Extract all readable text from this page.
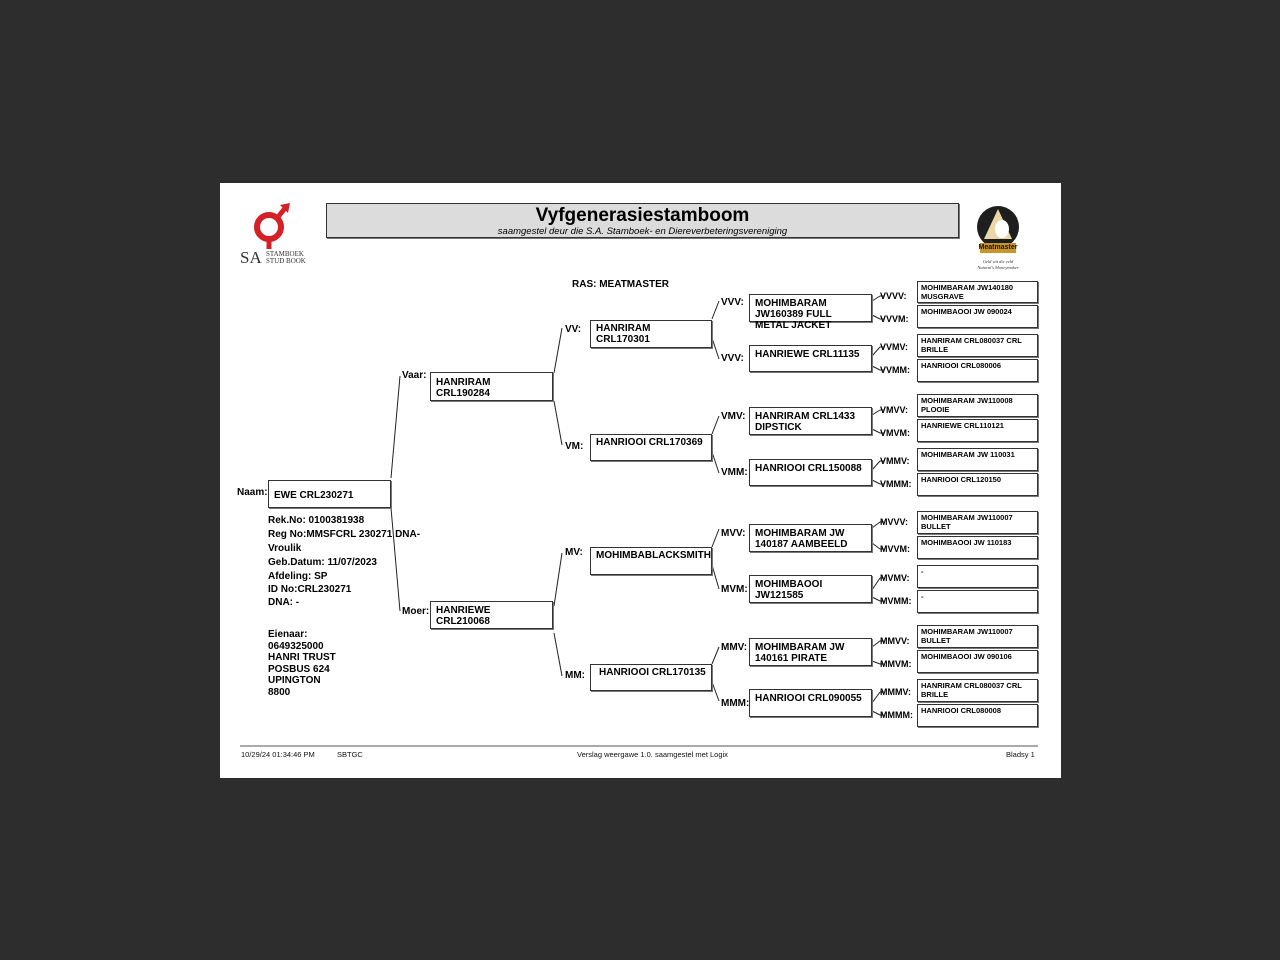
SA STAMBOEK
STUD BOOK
Vyfgenerasiestamboom
saamgestel deur die S.A. Stamboek- en Diereverbeteringsvereniging
Meatmaster
Geld wit die veld
Natural's Moneymaker
RAS: MEATMASTER
Naam: EWE CRL230271
Rek.No: 0100381938
Reg No:MMSFCRL 230271 DNA-
Vroulik
Geb.Datum: 11/07/2023
Afdeling: SP
ID No:CRL230271
DNA: -
Eienaar:
0649325000
HANRI TRUST
POSBUS 624
UPINGTON
8800
Vaar:
HANRIRAM CRL190284
Moer: HANRIEWE CRL210068
VV:	HANRIRAM CRL170301
VM:	HANRIOOI CRL170369
MV:	MOHIMBABLACKSMITH
MM:	HANRIOOI CRL170135
VVV:	MOHIMBARAM JW160389 FULL METAL JACKET
VVV:	HANRIEWE CRL11135
VMV: HANRIRAM CRL1433 DIPSTICK
VMM: HANRIOOI CRL150088
MVV: MOHIMBARAM JW 140187 AAMBEELD
MVM: MOHIMBAOOI JW121585
MMV: MOHIMBARAM JW 140161 PIRATE
MMM: HANRIOOI CRL090055
VVVV:
MOHIMBARAM JW140180 MUSGRAVE
VVVM:
MOHIMBAOOI JW 090024
VVMV:
HANRIRAM CRL080037 CRL BRILLE
VVMM:	HANRIOOI CRL080006
VMVV:
MOHIMBARAM JW110008 PLOOIE
VMVM:
HANRIEWE CRL110121
VMMV:
MOHIMBARAM JW 110031
VMMM:	HANRIOOI CRL120150
MVVV:	MOHIMBARAM JW110007 BULLET
MVVM:
MOHIMBAOOI JW 110183
MVMV:
-
MVMM:	-
MMVV:
MOHIMBARAM JW110007 BULLET
MMVM:
MOHIMBAOOI JW 090106
MMMV:
HANRIRAM CRL080037 CRL BRILLE
MMMM:	HANRIOOI CRL080008
10/29/24 01:34:46 PM	SBTGC	Verslag weergawe 1.0. saamgestel met Logix	Bladsy 1
